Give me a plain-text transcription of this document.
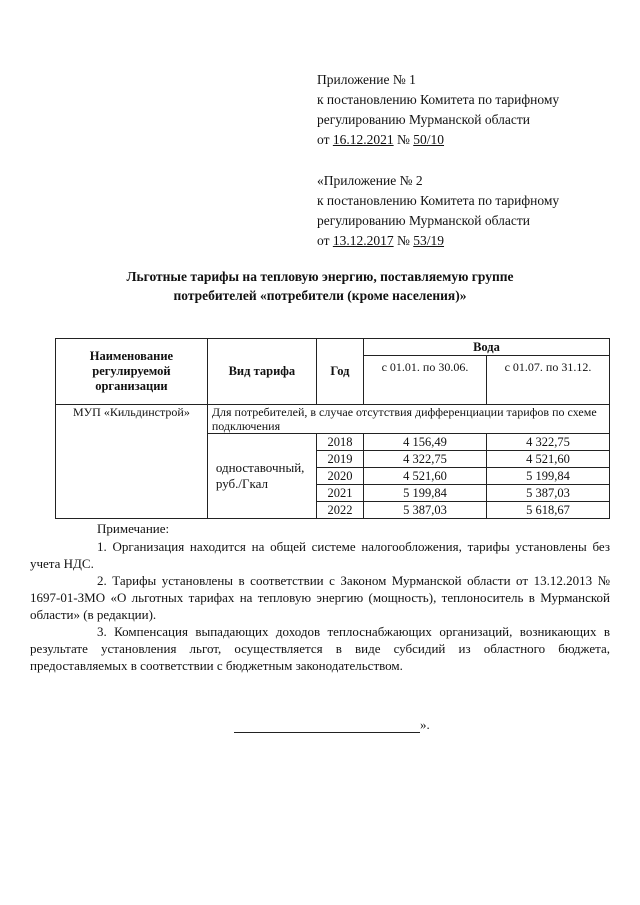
Приложение № 1
к постановлению Комитета по тарифному
регулированию Мурманской области
от 16.12.2021 № 50/10
«Приложение № 2
к постановлению Комитета по тарифному
регулированию Мурманской области
от 13.12.2017 № 53/19
Льготные тарифы на тепловую энергию, поставляемую группе
потребителей «потребители (кроме населения)»
Наименование регулируемой организации	Вид тарифа	Год	Вода	
			с 01.01. по 30.06.	с 01.07. по 31.12.
МУП «Кильдинстрой»	Для потребителей, в случае отсутствия дифференциации тарифов по схеме подключения			
	одноставочный, руб./Гкал	2018	4 156,49	4 322,75
		2019	4 322,75	4 521,60
		2020	4 521,60	5 199,84
		2021	5 199,84	5 387,03
		2022	5 387,03	5 618,67

Примечание:

1. Организация находится на общей системе налогообложения, тарифы установлены без учета НДС.

2. Тарифы установлены в соответствии с Законом Мурманской области от 13.12.2013 № 1697-01-ЗМО «О льготных тарифах на тепловую энергию (мощность), теплоноситель в Мурманской области» (в редакции).

3. Компенсация выпадающих доходов теплоснабжающих организаций, возникающих в результате установления льгот, осуществляется в виде субсидий из областного бюджета, предоставляемых в соответствии с бюджетным законодательством.

».
